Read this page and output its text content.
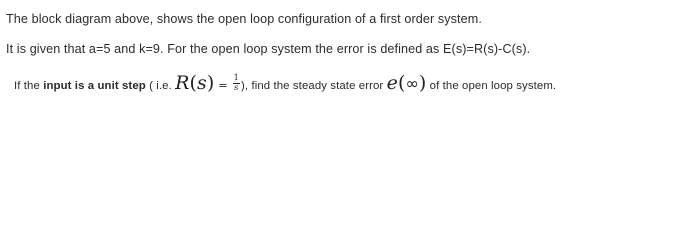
The block diagram above, shows the open loop configuration of a first order system.
It is given that a=5 and k=9. For the open loop system the error is defined as E(s)=R(s)-C(s).
If the input is a unit step ( i.e. $R(s) = \frac{1}{s}$ ), find the steady state error e(∞) of the open loop system.
